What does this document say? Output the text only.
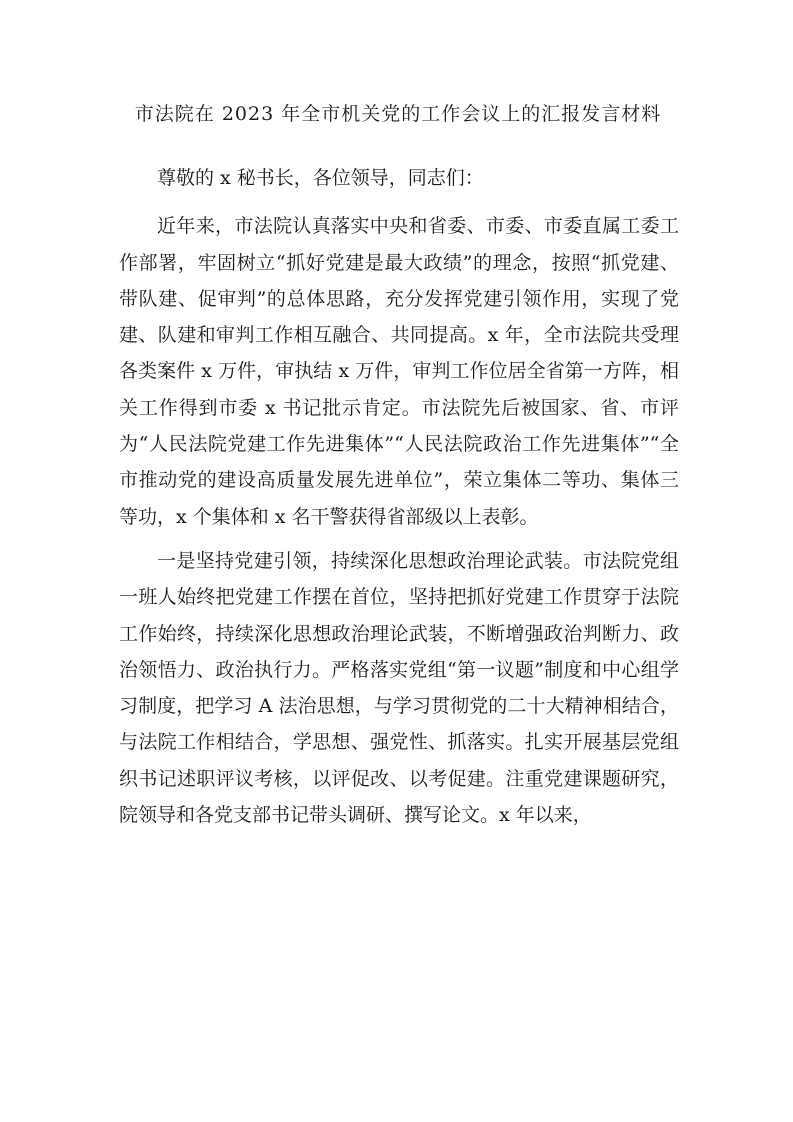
市法院在 2023 年全市机关党的工作会议上的汇报发言材料

尊敬的 x 秘书长，各位领导，同志们：

近年来，市法院认真落实中央和省委、市委、市委直属工委工作部署，牢固树立“抓好党建是最大政绩”的理念，按照“抓党建、带队建、促审判”的总体思路，充分发挥党建引领作用，实现了党建、队建和审判工作相互融合、共同提高。x 年，全市法院共受理各类案件 x 万件，审执结 x 万件，审判工作位居全省第一方阵，相关工作得到市委 x 书记批示肯定。市法院先后被国家、省、市评为“人民法院党建工作先进集体”“人民法院政治工作先进集体”“全市推动党的建设高质量发展先进单位”，荣立集体二等功、集体三等功，x 个集体和 x 名干警获得省部级以上表彰。

一是坚持党建引领，持续深化思想政治理论武装。市法院党组一班人始终把党建工作摆在首位，坚持把抓好党建工作贯穿于法院工作始终，持续深化思想政治理论武装，不断增强政治判断力、政治领悟力、政治执行力。严格落实党组“第一议题”制度和中心组学习制度，把学习 A 法治思想，与学习贯彻党的二十大精神相结合，与法院工作相结合，学思想、强党性、抓落实。扎实开展基层党组织书记述职评议考核，以评促改、以考促建。注重党建课题研究，院领导和各党支部书记带头调研、撰写论文。x 年以来，
